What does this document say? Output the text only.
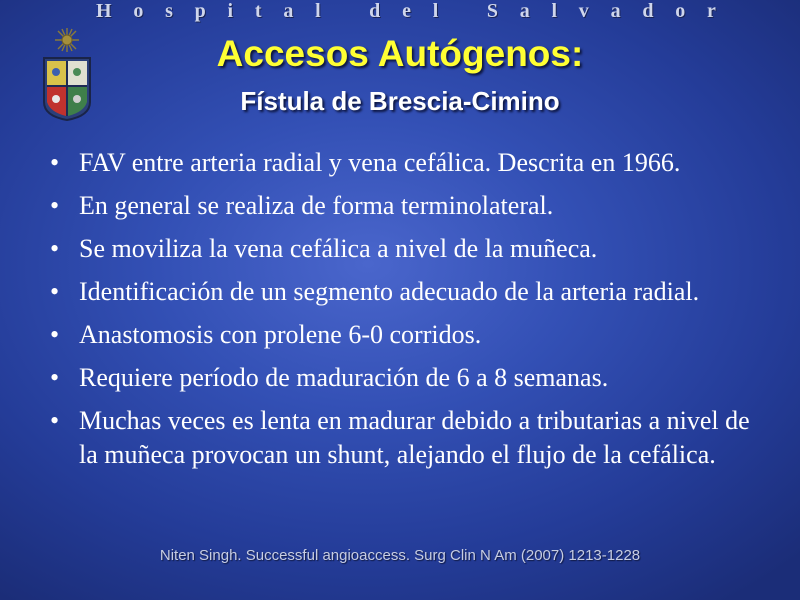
H o s p i t a l
d e l
S a l v a d o r
Accesos Autógenos:
Fístula de Brescia-Cimino
• FAV entre arteria radial y vena cefálica. Descrita en 1966.
• En general se realiza de forma terminolateral.
• Se moviliza la vena cefálica a nivel de la muñeca.
• Identificación de un segmento adecuado de la arteria radial.
• Anastomosis con prolene 6-0 corridos.
• Requiere período de maduración de 6 a 8 semanas.
• Muchas veces es lenta en madurar debido a tributarias a nivel de la muñeca provocan un shunt, alejando el flujo de la cefálica.
Niten Singh. Successful angioaccess. Surg Clin N Am (2007) 1213-1228
